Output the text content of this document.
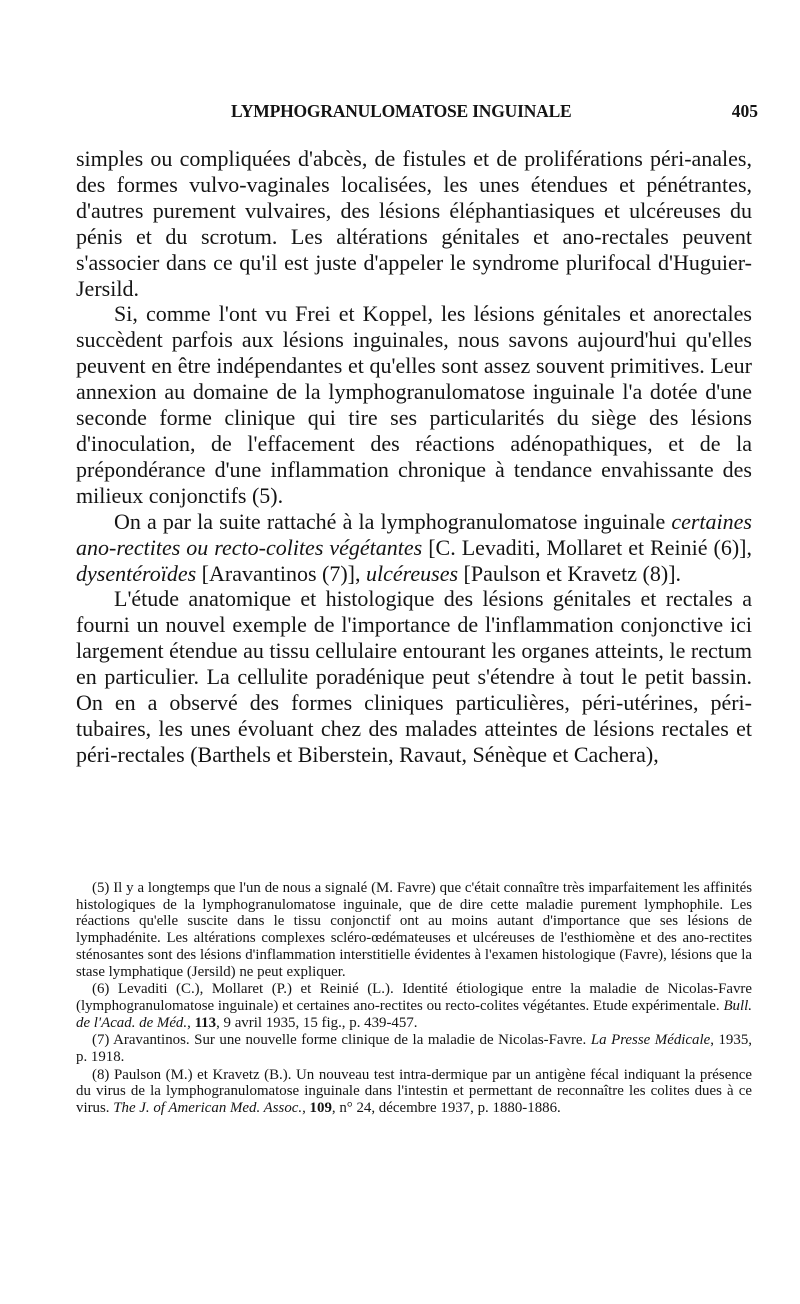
LYMPHOGRANULOMATOSE INGUINALE	405

simples ou compliquées d'abcès, de fistules et de proliférations péri-anales, des formes vulvo-vaginales localisées, les unes étendues et pénétrantes, d'autres purement vulvaires, des lésions éléphantiasiques et ulcéreuses du pénis et du scrotum. Les altérations génitales et ano-rectales peuvent s'associer dans ce qu'il est juste d'appeler le syndrome plurifocal d'Huguier-Jersild.

Si, comme l'ont vu Frei et Koppel, les lésions génitales et anorectales succèdent parfois aux lésions inguinales, nous savons aujourd'hui qu'elles peuvent en être indépendantes et qu'elles sont assez souvent primitives. Leur annexion au domaine de la lymphogranulomatose inguinale l'a dotée d'une seconde forme clinique qui tire ses particularités du siège des lésions d'inoculation, de l'effacement des réactions adénopathiques, et de la prépondérance d'une inflammation chronique à tendance envahissante des milieux conjonctifs (5).

On a par la suite rattaché à la lymphogranulomatose inguinale certaines ano-rectites ou recto-colites végétantes [C. Levaditi, Mollaret et Reinié (6)], dysentéroïdes [Aravantinos (7)], ulcéreuses [Paulson et Kravetz (8)].

L'étude anatomique et histologique des lésions génitales et rectales a fourni un nouvel exemple de l'importance de l'inflammation conjonctive ici largement étendue au tissu cellulaire entourant les organes atteints, le rectum en particulier. La cellulite poradénique peut s'étendre à tout le petit bassin. On en a observé des formes cliniques particulières, péri-utérines, péri-tubaires, les unes évoluant chez des malades atteintes de lésions rectales et péri-rectales (Barthels et Biberstein, Ravaut, Sénèque et Cachera),

(5) Il y a longtemps que l'un de nous a signalé (M. Favre) que c'était connaître très imparfaitement les affinités histologiques de la lymphogranulomatose inguinale, que de dire cette maladie purement lymphophile. Les réactions qu'elle suscite dans le tissu conjonctif ont au moins autant d'importance que ses lésions de lymphadénite. Les altérations complexes scléro-œdémateuses et ulcéreuses de l'esthiomène et des ano-rectites sténosantes sont des lésions d'inflammation interstitielle évidentes à l'examen histologique (Favre), lésions que la stase lymphatique (Jersild) ne peut expliquer.

(6) Levaditi (C.), Mollaret (P.) et Reinié (L.). Identité étiologique entre la maladie de Nicolas-Favre (lymphogranulomatose inguinale) et certaines ano-rectites ou recto-colites végétantes. Etude expérimentale. Bull. de l'Acad. de Méd., 113, 9 avril 1935, 15 fig., p. 439-457.

(7) Aravantinos. Sur une nouvelle forme clinique de la maladie de Nicolas-Favre. La Presse Médicale, 1935, p. 1918.

(8) Paulson (M.) et Kravetz (B.). Un nouveau test intra-dermique par un antigène fécal indiquant la présence du virus de la lymphogranulomatose inguinale dans l'intestin et permettant de reconnaître les colites dues à ce virus. The J. of American Med. Assoc., 109, n° 24, décembre 1937, p. 1880-1886.
